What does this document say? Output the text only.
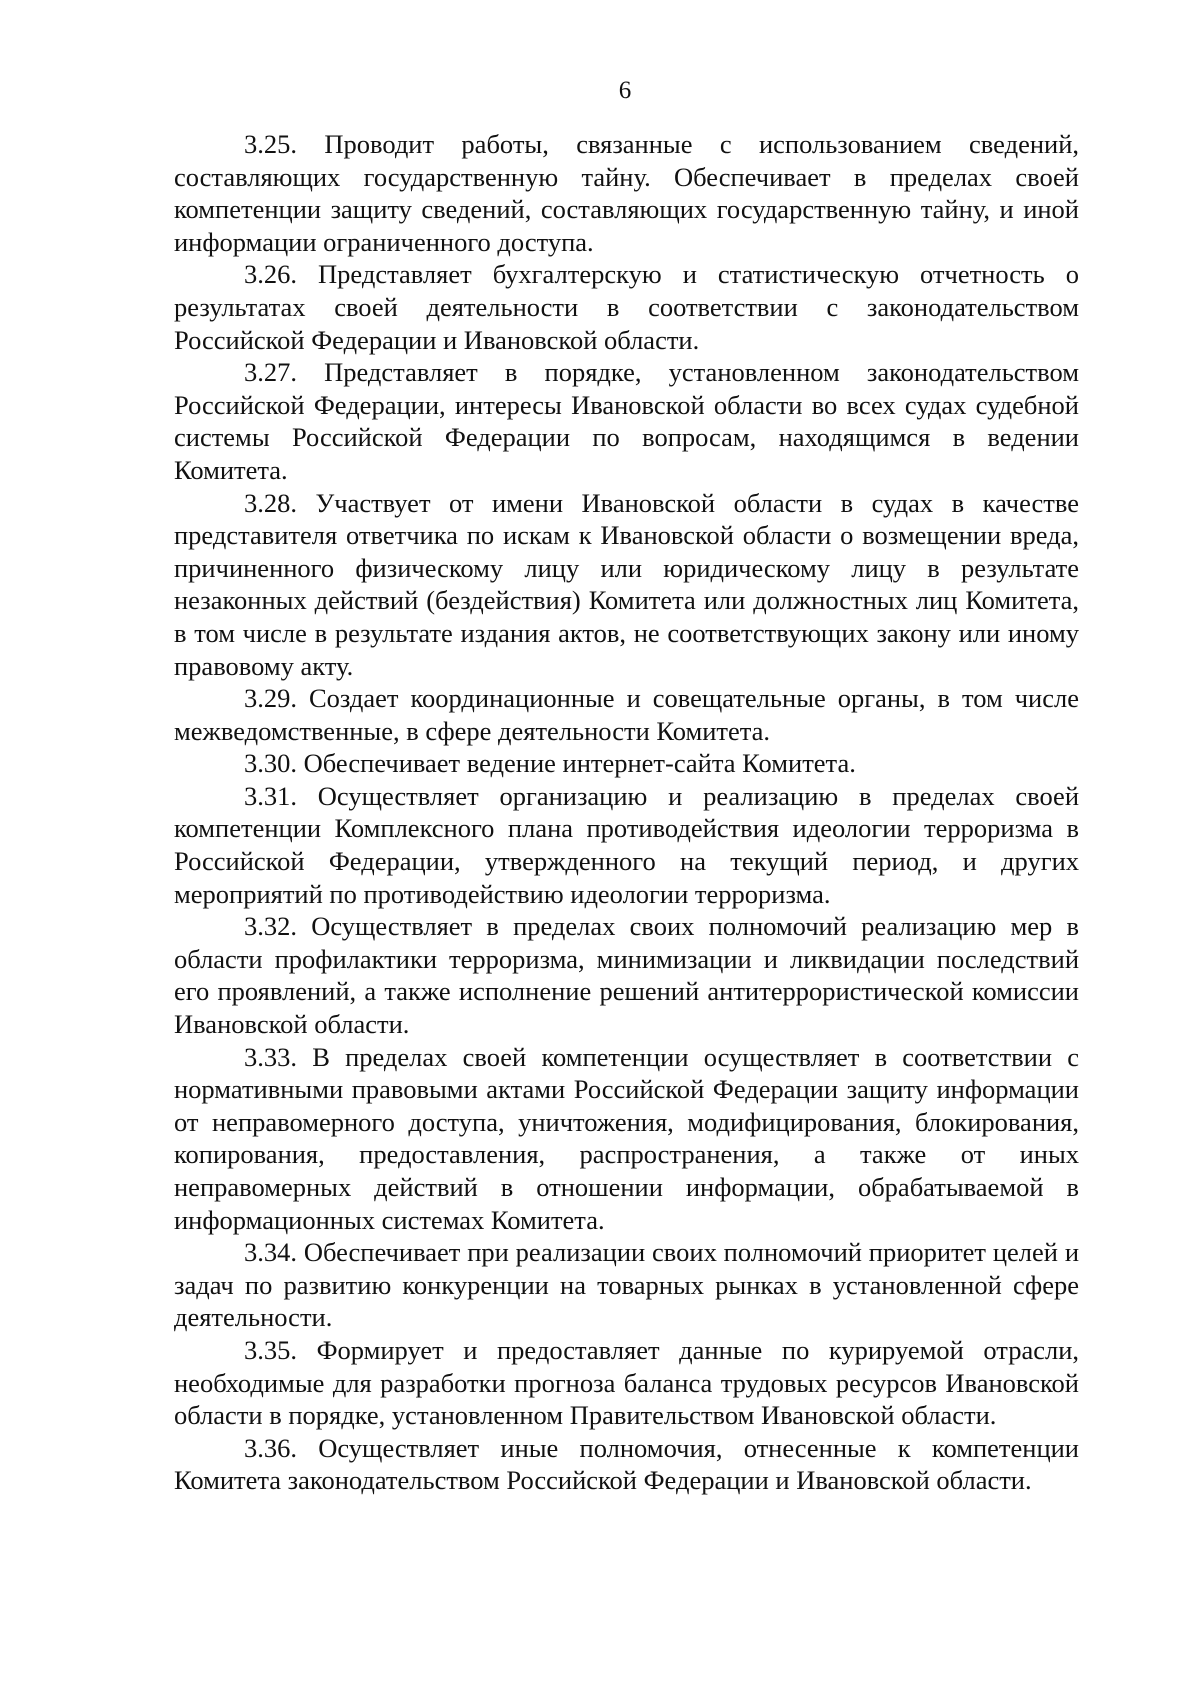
6

3.25. Проводит работы, связанные с использованием сведений, составляющих государственную тайну. Обеспечивает в пределах своей компетенции защиту сведений, составляющих государственную тайну, и иной информации ограниченного доступа.

3.26. Представляет бухгалтерскую и статистическую отчетность о результатах своей деятельности в соответствии с законодательством Российской Федерации и Ивановской области.

3.27. Представляет в порядке, установленном законодательством Российской Федерации, интересы Ивановской области во всех судах судебной системы Российской Федерации по вопросам, находящимся в ведении Комитета.

3.28. Участвует от имени Ивановской области в судах в качестве представителя ответчика по искам к Ивановской области о возмещении вреда, причиненного физическому лицу или юридическому лицу в результате незаконных действий (бездействия) Комитета или должностных лиц Комитета, в том числе в результате издания актов, не соответствующих закону или иному правовому акту.

3.29. Создает координационные и совещательные органы, в том числе межведомственные, в сфере деятельности Комитета.

3.30. Обеспечивает ведение интернет-сайта Комитета.

3.31. Осуществляет организацию и реализацию в пределах своей компетенции Комплексного плана противодействия идеологии терроризма в Российской Федерации, утвержденного на текущий период, и других мероприятий по противодействию идеологии терроризма.

3.32. Осуществляет в пределах своих полномочий реализацию мер в области профилактики терроризма, минимизации и ликвидации последствий его проявлений, а также исполнение решений антитеррористической комиссии Ивановской области.

3.33. В пределах своей компетенции осуществляет в соответствии с нормативными правовыми актами Российской Федерации защиту информации от неправомерного доступа, уничтожения, модифицирования, блокирования, копирования, предоставления, распространения, а также от иных неправомерных действий в отношении информации, обрабатываемой в информационных системах Комитета.

3.34. Обеспечивает при реализации своих полномочий приоритет целей и задач по развитию конкуренции на товарных рынках в установленной сфере деятельности.

3.35. Формирует и предоставляет данные по курируемой отрасли, необходимые для разработки прогноза баланса трудовых ресурсов Ивановской области в порядке, установленном Правительством Ивановской области.

3.36. Осуществляет иные полномочия, отнесенные к компетенции Комитета законодательством Российской Федерации и Ивановской области.
